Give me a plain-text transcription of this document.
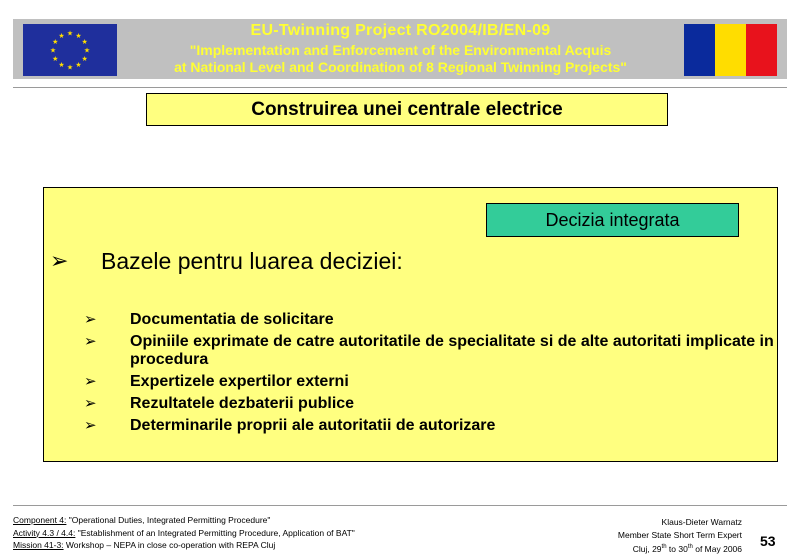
★ ★
★
★
★
★
★
★
★
★
★
★	EU-Twinning Project RO2004/IB/EN-09
"Implementation and Enforcement of the Environmental Acquis
at National Level and Coordination of 8 Regional Twinning Projects"
Construirea unei centrale electrice
Decizia integrata
➢ Bazele pentru luarea deciziei:
➢ Documentatia de solicitare
➢ Opiniile exprimate de catre autoritatile de specialitate si de alte autoritati implicate in procedura
➢ Expertizele expertilor externi
➢ Rezultatele dezbaterii publice
➢ Determinarile proprii ale autoritatii de autorizare
Component 4: "Operational Duties, Integrated Permitting Procedure"
Activity 4.3 / 4.4: "Establishment of an Integrated Permitting Procedure, Application of BAT"
Mission 41-3: Workshop – NEPA in close co-operation with REPA Cluj
Klaus-Dieter Warnatz
Member State Short Term Expert
Cluj, 29th to 30th of May 2006 53
